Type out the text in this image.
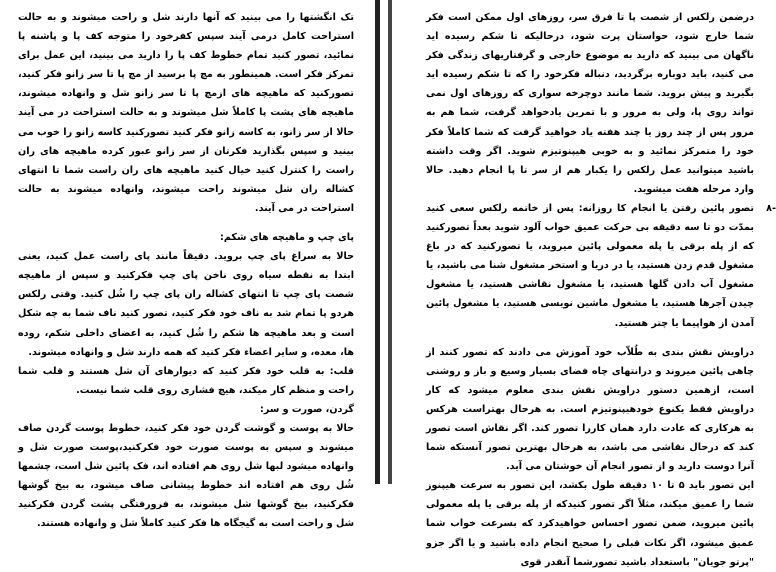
تک انگشتها را می بینید که آنها دارند شل و راحت میشوند و به حالت استراحت کامل درمی آیند سپس کفرخود را متوجه کف پا و پاشنه پا نمائید، تصور کنید تمام خطوط کف پا را دارید می بینید، این عمل برای تمرکز فکر است. همینطور به مچ پا برسید از مچ پا تا سر زانو فکر کنید، تصورکنید که ماهیچه های ازمچ پا تا سر زانو شل و وانهاده میشوند، ماهیچه های پشت پا کاملاً شل میشوند و به حالت استراحت در می آیند حالا از سر زانو، به کاسه زانو فکر کنید تصورکنید کاسه زانو را خوب می بینید و سپس بگذارید فکرتان از سر زانو عبور کرده ماهیچه های ران راست را کنترل کنید خیال کنید ماهیچه های ران راست شما تا انتهای کشاله ران شل میشوند راحت میشوند، وانهاده میشوند به حالت استراحت در می آیند.

پای چپ و ماهیچه های شکم:

حالا به سراغ پای چپ بروید. دقیقاً مانند پای راست عمل کنید، یعنی ابتدا به نقطه سیاه روی ناخن پای چپ فکرکنید و سپس از ماهیچه شصت پای چپ تا انتهای کشاله ران پای چپ را شُل کنید. وقتی رلکس هردو پا تمام شد به ناف خود فکر کنید، تصور کنید ناف شما به چه شکل است و بعد ماهیچه ها شکم را شُل کنید، به اعضای داخلی شکم، روده ها، معده، و سایر اعضاء فکر کنید که همه دارند شل و وانهاده میشوند.

قلب: به قلب خود فکر کنید که دیوارهای آن شل هستند و قلب شما راحت و منظم کار میکند، هیچ فشاری روی قلب شما نیست.

گردن، صورت و سر:

حالا به پوست و گوشت گردن خود فکر کنید، خطوط پوست گردن صاف میشوند و سپس به پوست صورت خود فکرکنید،پوست صورت شل و وانهاده میشود لبها شل روی هم افتاده اند، فک پائین شل است، چشمها شُل روی هم افتاده اند خطوط پیشانی صاف میشود، به بیخ گوشها فکرکنید، بیخ گوشها شل میشوند، به فرورفتگی پشت گردن فکرکنید شل و راحت است به گیجگاه ها فکر کنید کاملاً شل و وانهاده هستند.

درضمن رلکس از شصت پا تا فرق سر، روزهای اول ممکن است فکر شما خارج شود، حواستان پرت شود، درحالیکه تا شکم رسیده اید ناگهان می بینید که دارید به موضوع خارجی و گرفتاریهای زندگی فکر می کنید، باید دوباره برگردید، دنباله فکرخود را که تا شکم رسیده اید بگیرید و پیش بروید. شما مانند دوچرخه سواری که روزهای اول نمی تواند روی پا، ولی به مرور و با تمرین یادخواهد گرفت، شما هم به مرور پس از چند روز یا چند هفته یاد خواهید گرفت که شما کاملاً فکر خود را متمرکز نمائید و به خوبی هیپنوتیزم شوید. اگر وقت داشته باشید میتوانید عمل رلکس را یکبار هم از سر تا پا انجام دهید. حالا وارد مرحله هفت میشوید.

۸-

تصور پائین رفتن یا انجام کا روزانه: پس از خاتمه رلکس سعی کنید بمدّت دو تا سه دقیقه بی حرکت عمیق خواب آلود شوید بعداً تصورکنید که از پله برقی یا پله معمولی پائین میروید، یا تصورکنید که در باغ مشغول قدم زدن هستید، یا در دریا و استخر مشغول شنا می باشید، یا مشغول آب دادن گلها هستید، یا مشغول نقاشی هستید، یا مشغول چیدن آجرها هستید، یا مشغول ماشین نویسی هستید، یا مشغول پائین آمدن از هواپیما یا چتر هستید.

دراویش نقش بندی به طُلاّب خود آموزش می دادند که تصور کنند از چاهی پائین میروند و درانتهای چاه فضای بسیار وسیع و باز و روشنی است، ازهمین دستور دراویش نقش بندی معلوم میشود که کار دراویش فقط یکنوع خودهیپنوتیزم است. به هرحال بهتراست هرکس به هرکاری که عادت دارد همان کاررا تصور کند. اگر نقاش است تصور کند که درحال نقاشی می باشد، به هرحال بهترین تصور آنستکه شما آنرا دوست دارید و از تصور انجام آن خوشتان می آید.

این تصور باید ۵ تا ۱۰ دقیقه طول بکشد، این تصور به سرعت هیپنوز شما را عمیق میکند، مثلاً اگر تصور کنیدکه از پله برقی یا پله معمولی پائین میروید، ضمن تصور احساس خواهیدکرد که بسرعت خواب شما عمیق میشود، اگر نکات قبلی را صحیح انجام داده باشید و یا اگر جزو "پرتو جویان" باستعداد باشید تصورشما آنقدر قوی
